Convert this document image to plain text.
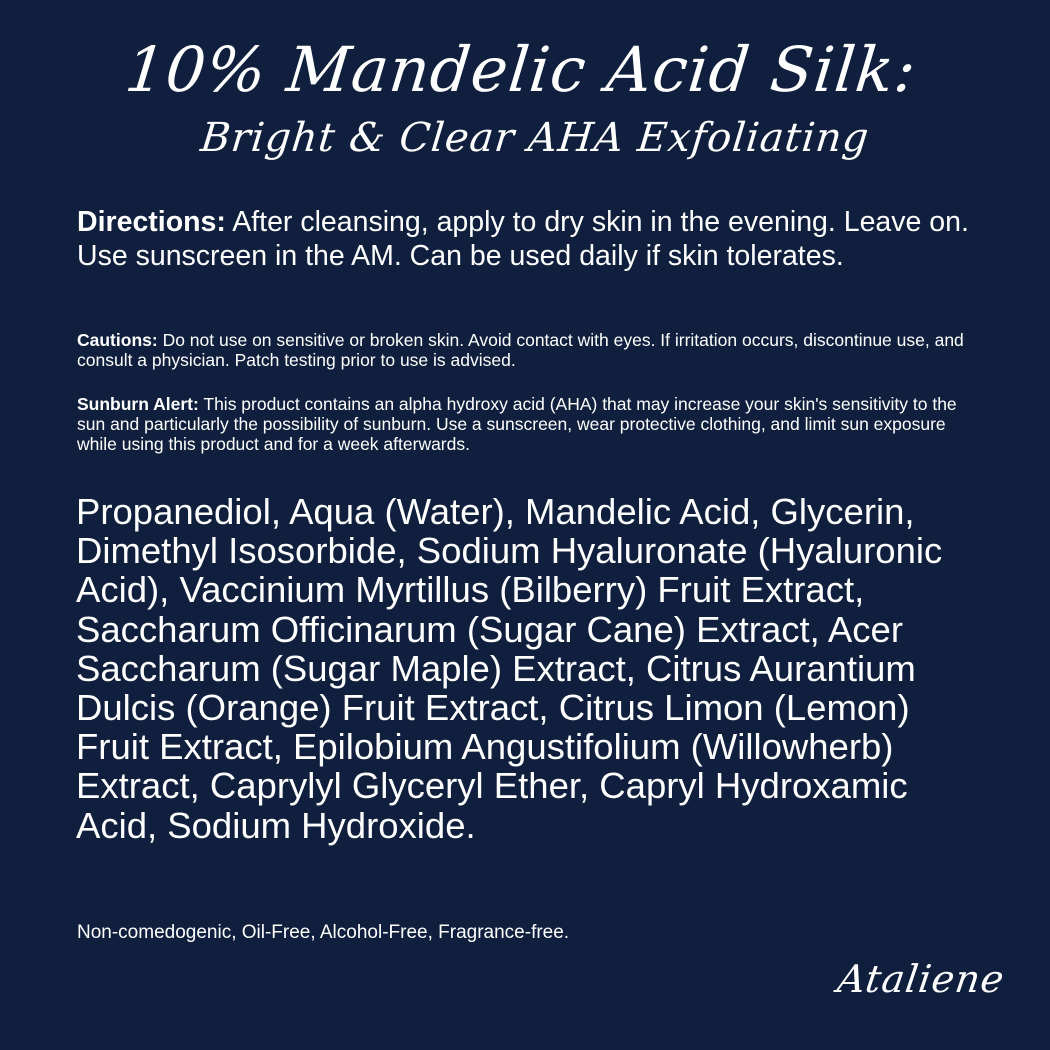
10% Mandelic Acid Silk:
Bright & Clear AHA Exfoliating
Directions: After cleansing, apply to dry skin in the evening. Leave on. Use sunscreen in the AM. Can be used daily if skin tolerates.
Cautions: Do not use on sensitive or broken skin. Avoid contact with eyes. If irritation occurs, discontinue use, and consult a physician. Patch testing prior to use is advised.
Sunburn Alert: This product contains an alpha hydroxy acid (AHA) that may increase your skin's sensitivity to the sun and particularly the possibility of sunburn. Use a sunscreen, wear protective clothing, and limit sun exposure while using this product and for a week afterwards.
Propanediol, Aqua (Water), Mandelic Acid, Glycerin, Dimethyl Isosorbide, Sodium Hyaluronate (Hyaluronic Acid), Vaccinium Myrtillus (Bilberry) Fruit Extract, Saccharum Officinarum (Sugar Cane) Extract, Acer Saccharum (Sugar Maple) Extract, Citrus Aurantium Dulcis (Orange) Fruit Extract, Citrus Limon (Lemon) Fruit Extract, Epilobium Angustifolium (Willowherb) Extract, Caprylyl Glyceryl Ether, Capryl Hydroxamic Acid, Sodium Hydroxide.
Non-comedogenic, Oil-Free, Alcohol-Free, Fragrance-free.
Ataliene
